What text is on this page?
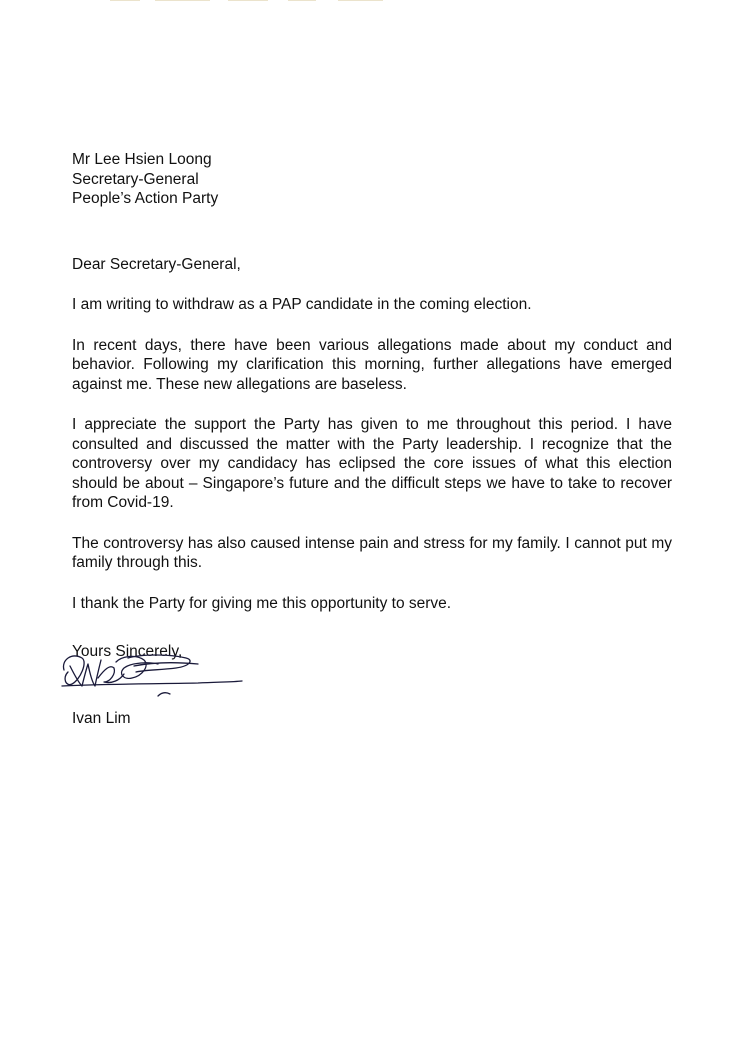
Mr Lee Hsien Loong
Secretary-General
People’s Action Party
Dear Secretary-General,
I am writing to withdraw as a PAP candidate in the coming election.
In recent days, there have been various allegations made about my conduct and behavior. Following my clarification this morning, further allegations have emerged against me. These new allegations are baseless.
I appreciate the support the Party has given to me throughout this period. I have consulted and discussed the matter with the Party leadership. I recognize that the controversy over my candidacy has eclipsed the core issues of what this election should be about – Singapore’s future and the difficult steps we have to take to recover from Covid-19.
The controversy has also caused intense pain and stress for my family. I cannot put my family through this.
I thank the Party for giving me this opportunity to serve.
Yours Sincerely,
Ivan Lim
